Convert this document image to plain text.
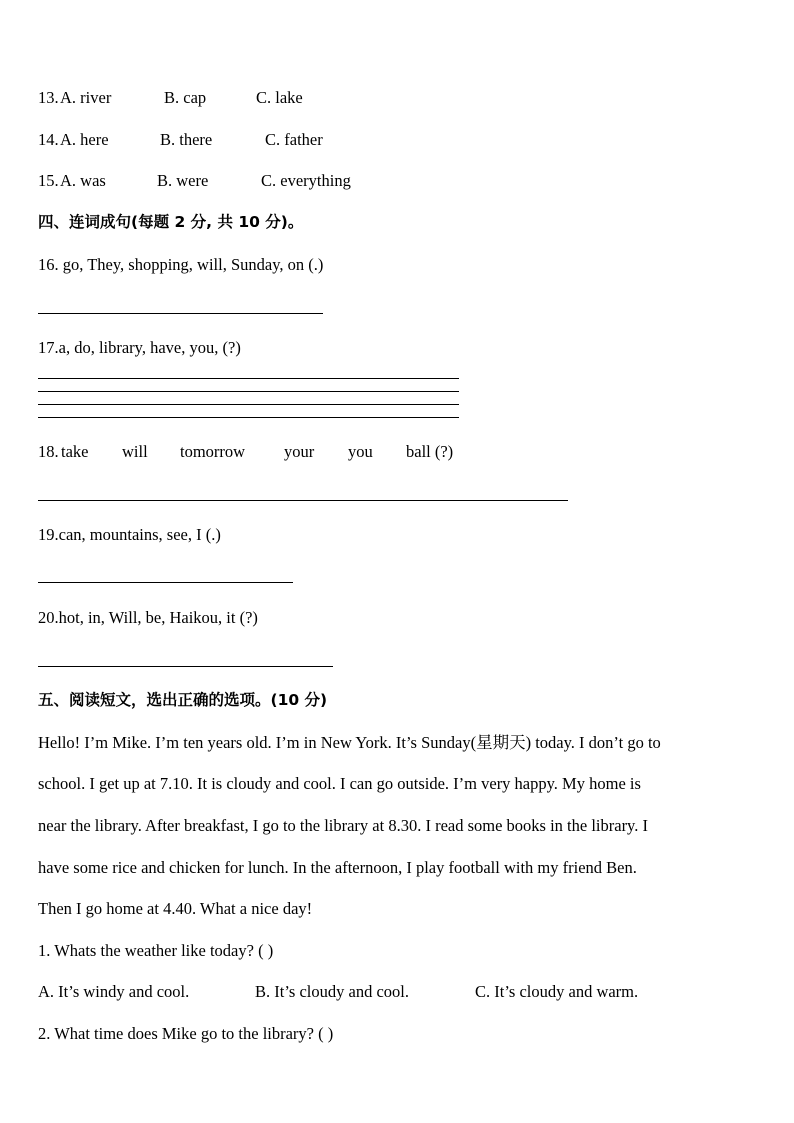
13. A. river	B. cap	C. lake
14. A. here	B. there	C. father
15. A. was	B. were	C. everything
四、连词成句(每题 2 分, 共 10 分)。
16. go, They, shopping, will, Sunday, on (.)
17.a, do, library, have, you, (?)
18. take will tomorrow your you ball (?)
19.can, mountains, see, I (.)
20.hot, in, Will, be, Haikou, it (?)
五、阅读短文，选出正确的选项。(10 分)
Hello! I’m Mike. I’m ten years old. I’m in New York. It’s Sunday(星期天) today. I don’t go to
school. I get up at 7.10. It is cloudy and cool. I can go outside. I’m very happy. My home is
near the library. After breakfast, I go to the library at 8.30. I read some books in the library. I
have some rice and chicken for lunch. In the afternoon, I play football with my friend Ben.
Then I go home at 4.40. What a nice day!
1. Whats the weather like today? ( )
A. It’s windy and cool.	B. It’s cloudy and cool.	C. It’s cloudy and warm.
2. What time does Mike go to the library? ( )
